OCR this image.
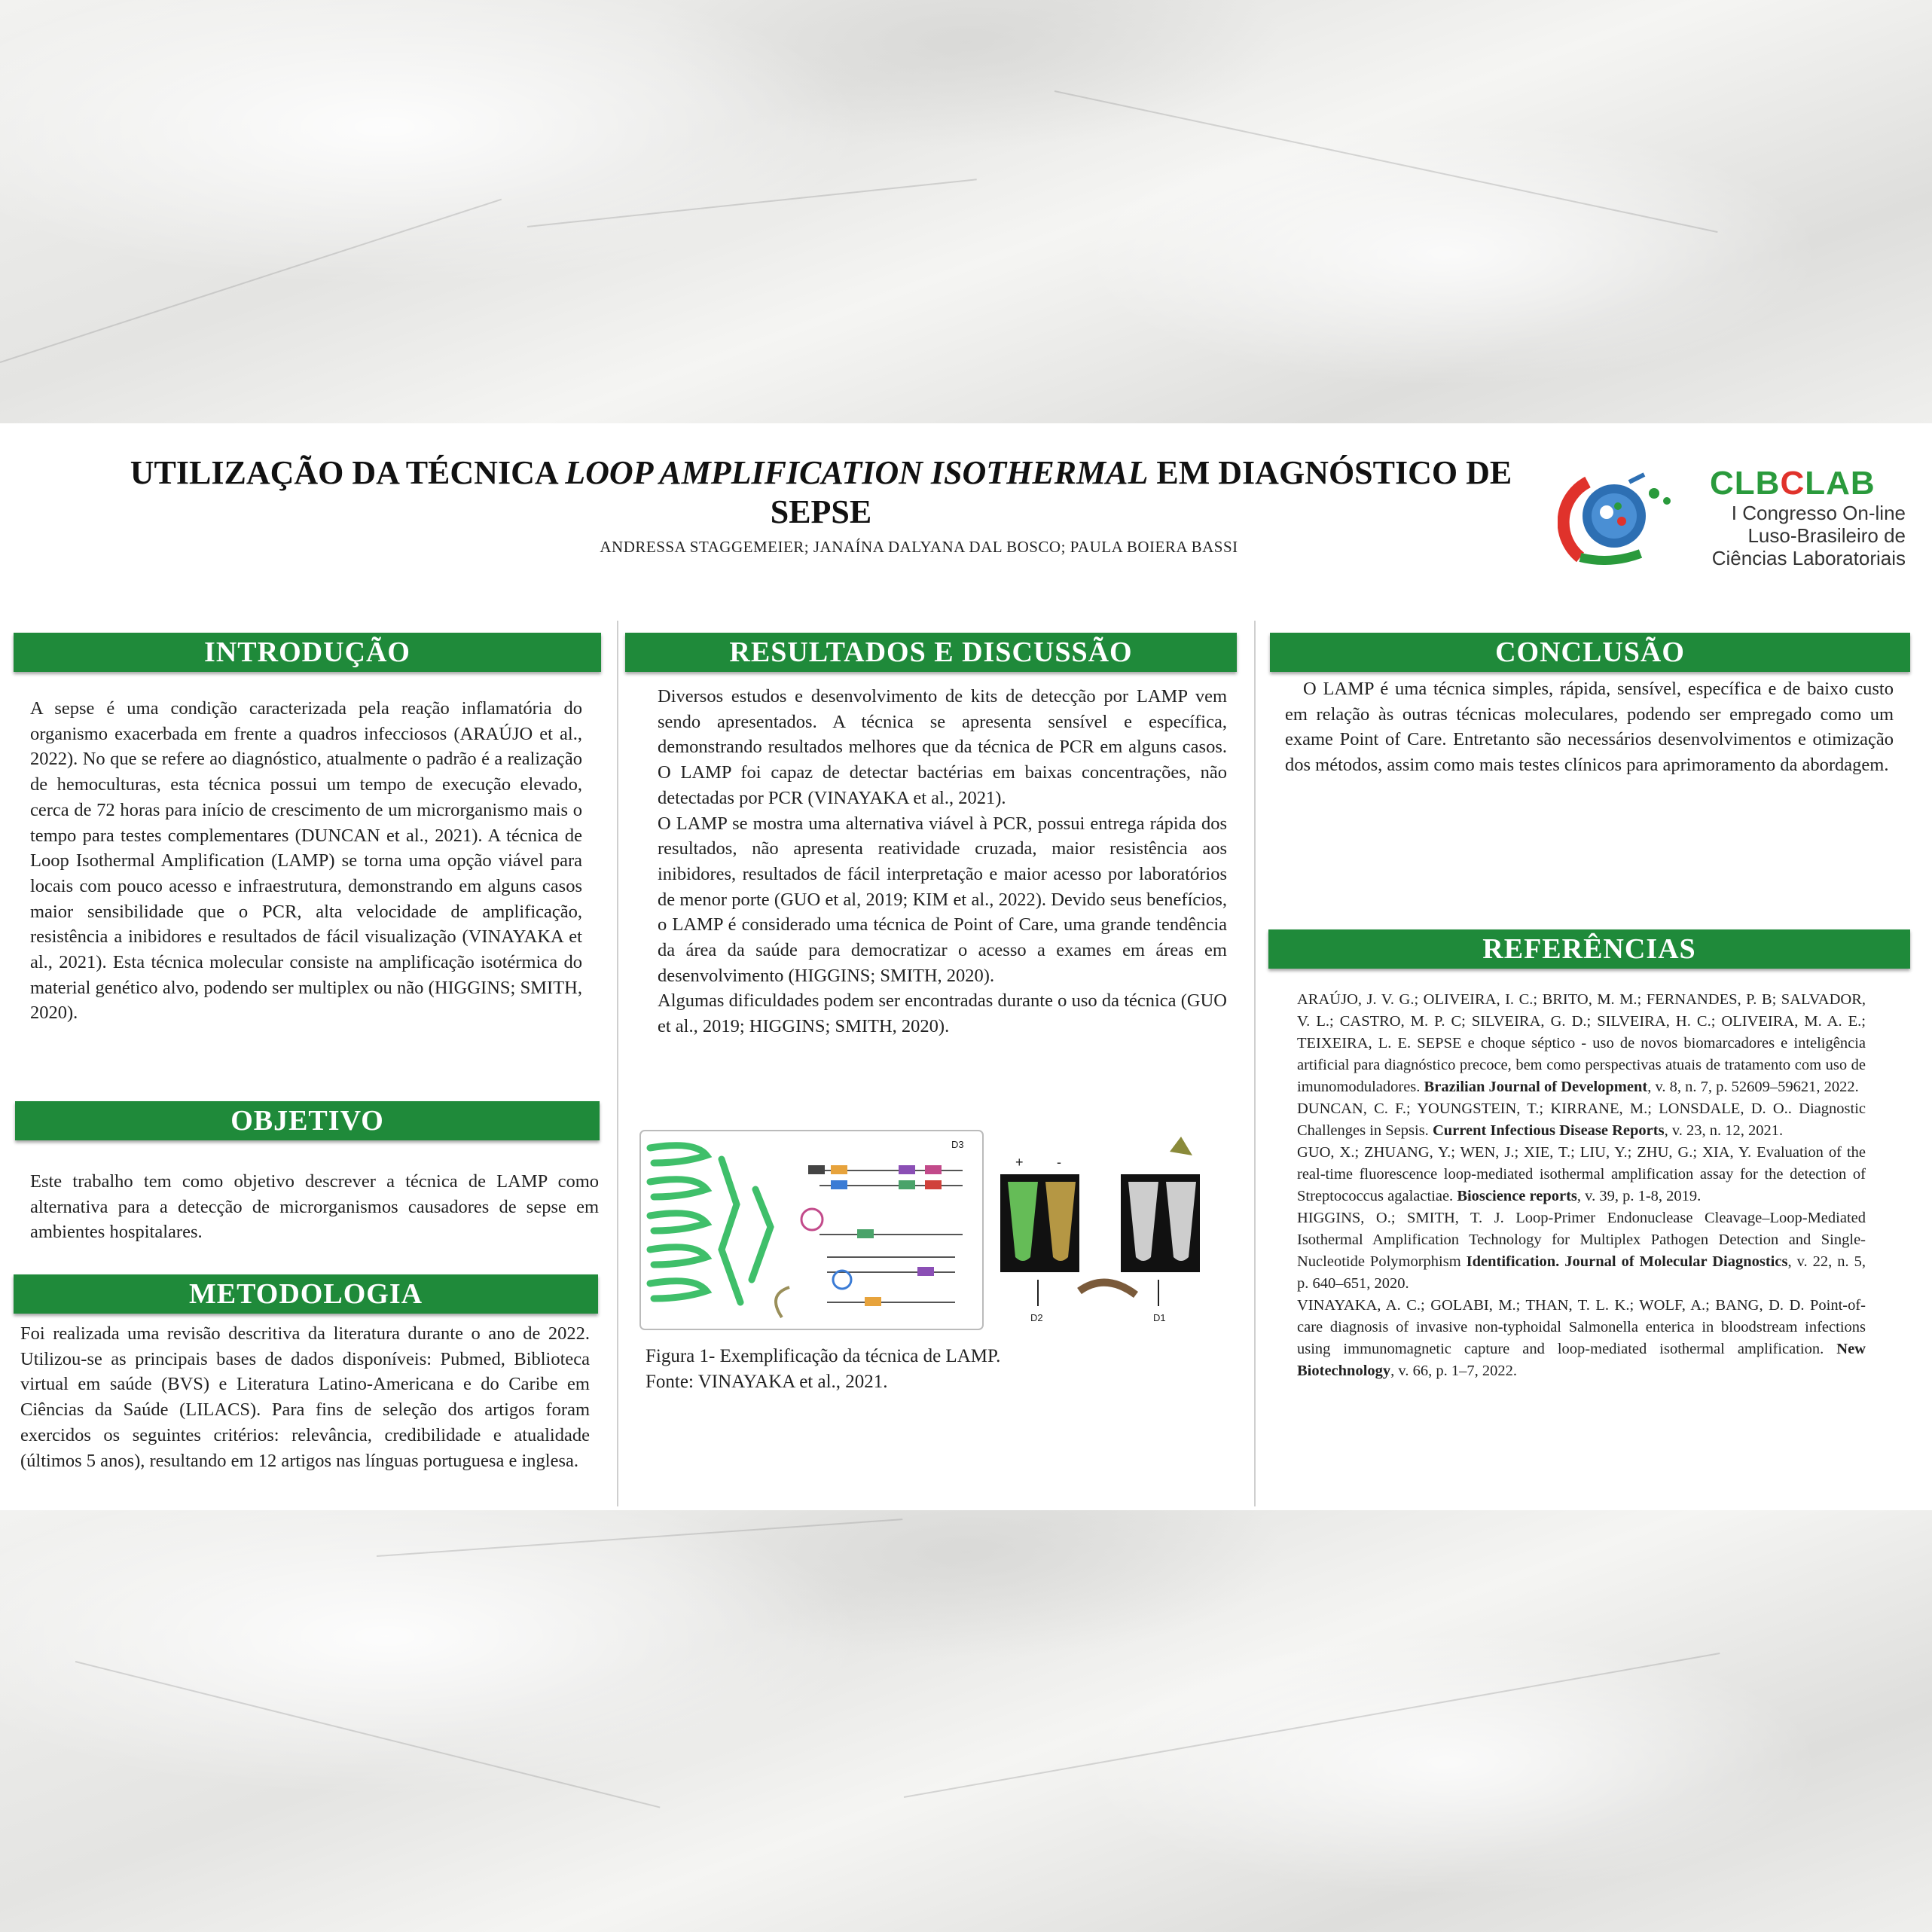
UTILIZAÇÃO DA TÉCNICA LOOP AMPLIFICATION ISOTHERMAL EM DIAGNÓSTICO DE SEPSE
ANDRESSA STAGGEMEIER; JANAÍNA DALYANA DAL BOSCO; PAULA BOIERA BASSI
CLBCLAB
I Congresso On-line
Luso-Brasileiro de
Ciências Laboratoriais
INTRODUÇÃO

A sepse é uma condição caracterizada pela reação inflamatória do organismo exacerbada em frente a quadros infecciosos (ARAÚJO et al., 2022). No que se refere ao diagnóstico, atualmente o padrão é a realização de hemoculturas, esta técnica possui um tempo de execução elevado, cerca de 72 horas para início de crescimento de um microrganismo mais o tempo para testes complementares (DUNCAN et al., 2021). A técnica de Loop Isothermal Amplification (LAMP) se torna uma opção viável para locais com pouco acesso e infraestrutura, demonstrando em alguns casos maior sensibilidade que o PCR, alta velocidade de amplificação, resistência a inibidores e resultados de fácil visualização (VINAYAKA et al., 2021). Esta técnica molecular consiste na amplificação isotérmica do material genético alvo, podendo ser multiplex ou não (HIGGINS; SMITH, 2020).

OBJETIVO

Este trabalho tem como objetivo descrever a técnica de LAMP como alternativa para a detecção de microrganismos causadores de sepse em ambientes hospitalares.

METODOLOGIA

Foi realizada uma revisão descritiva da literatura durante o ano de 2022. Utilizou-se as principais bases de dados disponíveis: Pubmed, Biblioteca virtual em saúde (BVS) e Literatura Latino-Americana e do Caribe em Ciências da Saúde (LILACS). Para fins de seleção dos artigos foram exercidos os seguintes critérios: relevância, credibilidade e atualidade (últimos 5 anos), resultando em 12 artigos nas línguas portuguesa e inglesa.

RESULTADOS E DISCUSSÃO

Diversos estudos e desenvolvimento de kits de detecção por LAMP vem sendo apresentados. A técnica se apresenta sensível e específica, demonstrando resultados melhores que da técnica de PCR em alguns casos. O LAMP foi capaz de detectar bactérias em baixas concentrações, não detectadas por PCR (VINAYAKA et al., 2021).

O LAMP se mostra uma alternativa viável à PCR, possui entrega rápida dos resultados, não apresenta reatividade cruzada, maior resistência aos inibidores, resultados de fácil interpretação e maior acesso por laboratórios de menor porte (GUO et al, 2019; KIM et al., 2022). Devido seus benefícios, o LAMP é considerado uma técnica de Point of Care, uma grande tendência da área da saúde para democratizar o acesso a exames em áreas em desenvolvimento (HIGGINS; SMITH, 2020).

Algumas dificuldades podem ser encontradas durante o uso da técnica (GUO et al., 2019; HIGGINS; SMITH, 2020).

D3
+ -
D2	D1
Figura 1- Exemplificação da técnica de LAMP.
Fonte: VINAYAKA et al., 2021.
CONCLUSÃO

O LAMP é uma técnica simples, rápida, sensível, específica e de baixo custo em relação às outras técnicas moleculares, podendo ser empregado como um exame Point of Care. Entretanto são necessários desenvolvimentos e otimização dos métodos, assim como mais testes clínicos para aprimoramento da abordagem.

REFERÊNCIAS

ARAÚJO, J. V. G.; OLIVEIRA, I. C.; BRITO, M. M.; FERNANDES, P. B; SALVADOR, V. L.; CASTRO, M. P. C; SILVEIRA, G. D.; SILVEIRA, H. C.; OLIVEIRA, M. A. E.; TEIXEIRA, L. E. SEPSE e choque séptico - uso de novos biomarcadores e inteligência artificial para diagnóstico precoce, bem como perspectivas atuais de tratamento com uso de imunomoduladores. Brazilian Journal of Development, v. 8, n. 7, p. 52609–59621, 2022.

DUNCAN, C. F.; YOUNGSTEIN, T.; KIRRANE, M.; LONSDALE, D. O.. Diagnostic Challenges in Sepsis. Current Infectious Disease Reports, v. 23, n. 12, 2021.

GUO, X.; ZHUANG, Y.; WEN, J.; XIE, T.; LIU, Y.; ZHU, G.; XIA, Y. Evaluation of the real-time fluorescence loop-mediated isothermal amplification assay for the detection of Streptococcus agalactiae. Bioscience reports, v. 39, p. 1-8, 2019.

HIGGINS, O.; SMITH, T. J. Loop-Primer Endonuclease Cleavage–Loop-Mediated Isothermal Amplification Technology for Multiplex Pathogen Detection and Single-Nucleotide Polymorphism Identification. Journal of Molecular Diagnostics, v. 22, n. 5, p. 640–651, 2020.

VINAYAKA, A. C.; GOLABI, M.; THAN, T. L. K.; WOLF, A.; BANG, D. D. Point-of-care diagnosis of invasive non-typhoidal Salmonella enterica in bloodstream infections using immunomagnetic capture and loop-mediated isothermal amplification. New Biotechnology, v. 66, p. 1–7, 2022.
